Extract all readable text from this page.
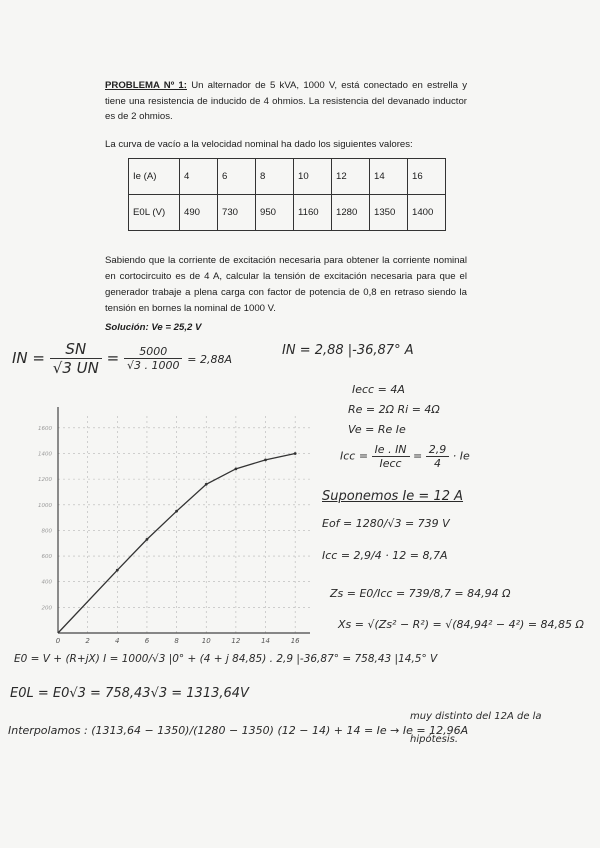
PROBLEMA Nº 1: Un alternador de 5 kVA, 1000 V, está conectado en estrella y tiene una resistencia de inducido de 4 ohmios. La resistencia del devanado inductor es de 2 ohmios.
La curva de vacío a la velocidad nominal ha dado los siguientes valores:
Ie (A)	4	6	8	10	12	14	16
E0L (V)	490	730	950	1160	1280	1350	1400
Sabiendo que la corriente de excitación necesaria para obtener la corriente nominal en cortocircuito es de 4 A, calcular la tensión de excitación necesaria para que el generador trabaje a plena carga con factor de potencia de 0,8 en retraso siendo la tensión en bornes la nominal de 1000 V.
Solución: Ve = 25,2 V
IN = $\frac{SN}{√3 UN} = \frac{5000}{√3 . 1000} = 2,88A$
IN = 2,88 |-36,87° A
Iecc = 4A
Re = 2Ω Ri = 4Ω
Ve = Re Ie
Icc = $\frac{Ie . IN}{\text{Iecc}} = \frac{2,9}{4} \cdot Ie$
Suponemos Ie = 12 A
Eof = 1280/√3 = 739 V
Icc = 2,9/4 · 12 = 8,7A
Zs = E0/Icc = 739/8,7 = 84,94 Ω
Xs = √(Zs² − R²) = √(84,94² − 4²) = 84,85 Ω
E0 = V + (R+jX) I = 1000/√3 |0° + (4 + j 84,85) . 2,9 |-36,87° = 758,43 |14,5° V
E0L = E0√3 = 758,43√3 = 1313,64V
Interpolamos : (1313,64 − 1350)/(1280 − 1350) (12 − 14) + 14 = Ie → Ie = 12,96A
muy distinto del 12A de la
hipótesis.
0	2	4	6	8	10	12	14	16
200
400
600
800
1000
1200
1400
1600
